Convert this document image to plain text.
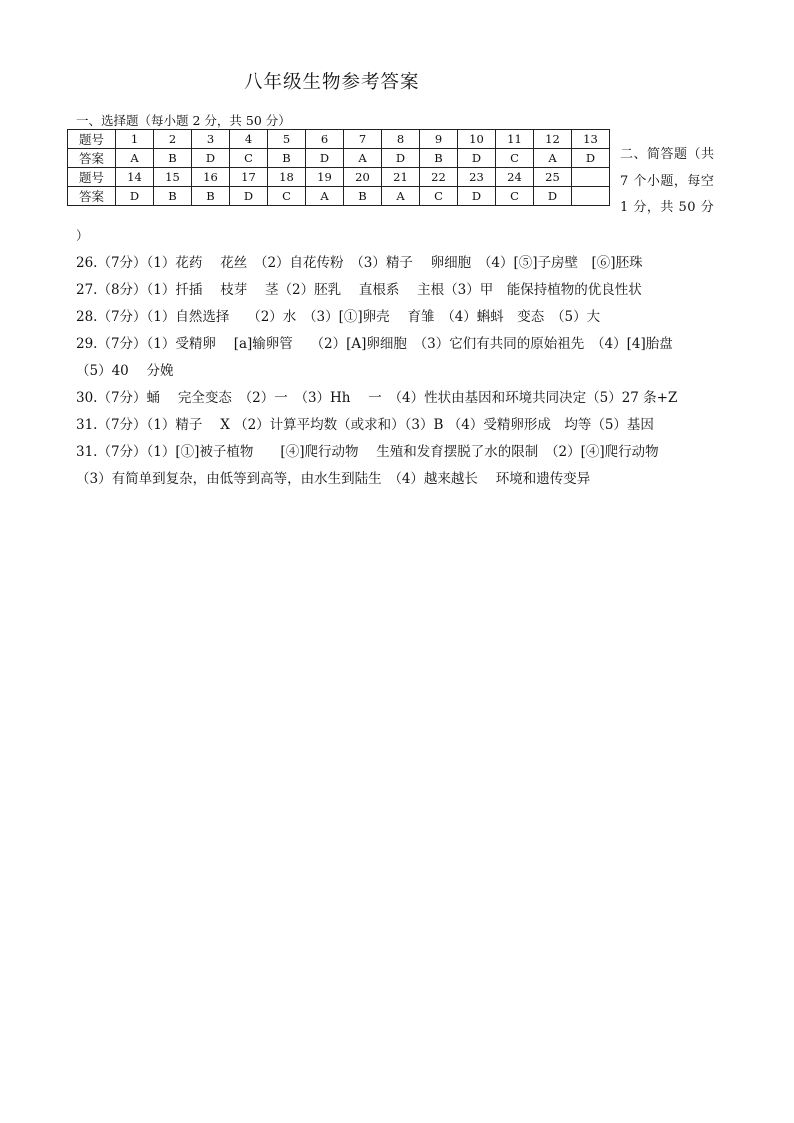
八年级生物参考答案
一、选择题（每小题 2 分，共 50 分）
题号	1	2	3	4	5	6	7	8	9	10	11	12	13
答案	A	B	D	C	B	D	A	D	B	D	C	A	D
题号	14	15	16	17	18	19	20	21	22	23	24	25	
答案	D	B	B	D	C	A	B	A	C	D	C	D	
二、简答题（共
7 个小题，每空
1 分，共 50 分
）
26.（7分）（1）花药　 花丝　（2）自花传粉　（3）精子　 卵细胞　（4）[⑤]子房壁　[⑥]胚珠
27.（8分）（1）扦插　 枝芽　 茎（2）胚乳　 直根系　 主根（3）甲　能保持植物的优良性状
28.（7分）（1）自然选择　 （2）水　（3）[①]卵壳　 育雏　（4）蝌蚪　变态　（5）大
29.（7分）（1）受精卵　 [a]输卵管　 （2）[A]卵细胞　（3）它们有共同的原始祖先　（4）[4]胎盘
（5）40　 分娩
30.（7分）蛹　 完全变态　（2）一　（3）Hh　 一　（4）性状由基因和环境共同决定（5）27 条+Z
31.（7分）（1）精子　 X （2）计算平均数（或求和）（3）B （4）受精卵形成　均等（5）基因
31.（7分）（1）[①]被子植物　　[④]爬行动物　 生殖和发育摆脱了水的限制　（2）[④]爬行动物
（3）有简单到复杂，由低等到高等，由水生到陆生　（4）越来越长　 环境和遗传变异
